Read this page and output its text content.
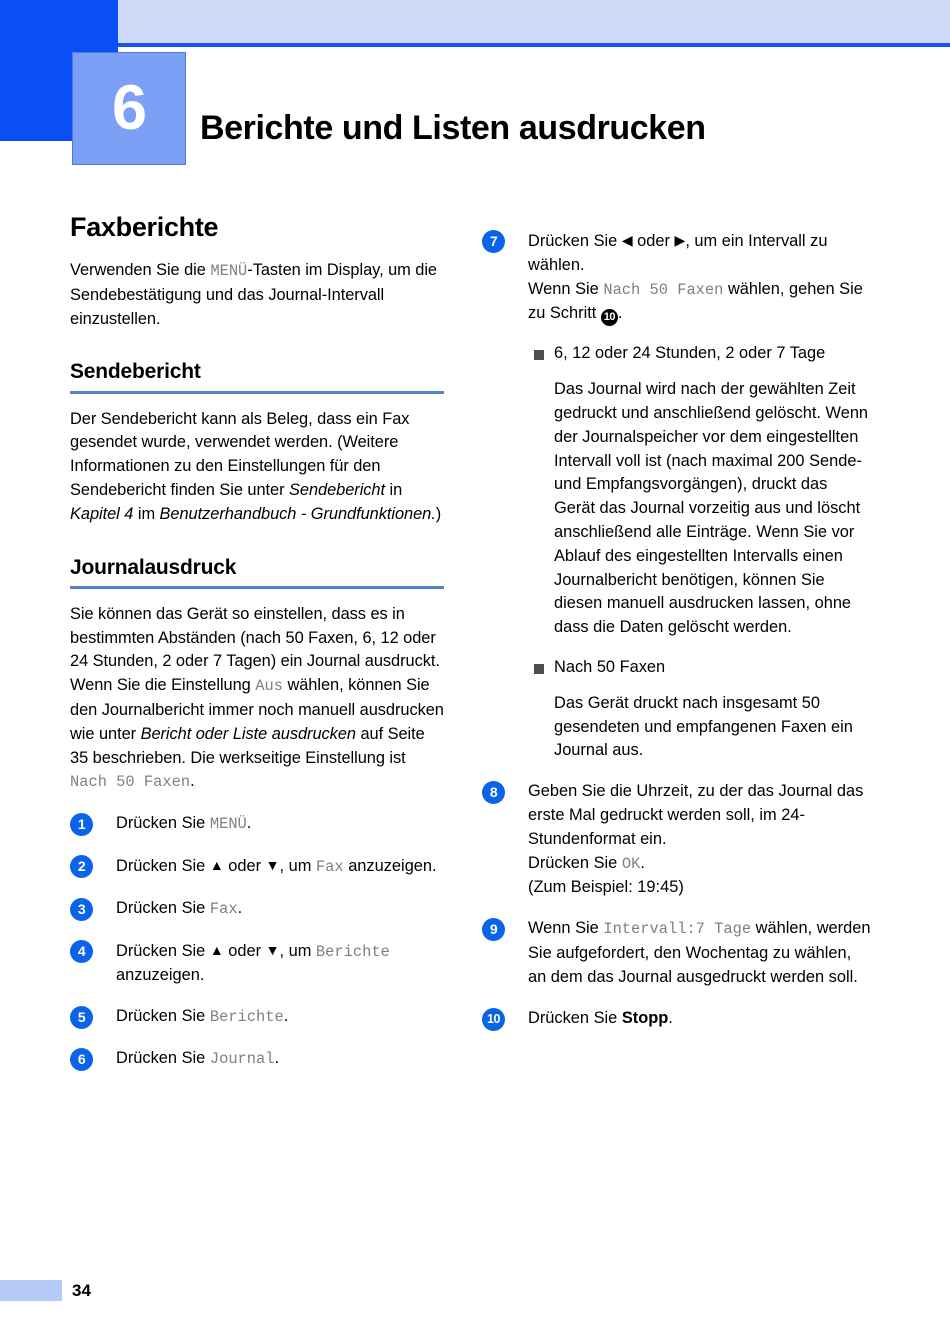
6 Berichte und Listen ausdrucken
Faxberichte

Verwenden Sie die MENÜ-Tasten im Display, um die Sendebestätigung und das Journal-Intervall einzustellen.

Sendebericht

Der Sendebericht kann als Beleg, dass ein Fax gesendet wurde, verwendet werden. (Weitere Informationen zu den Einstellungen für den Sendebericht finden Sie unter Sendebericht in Kapitel 4 im Benutzerhandbuch - Grundfunktionen.)

Journalausdruck

Sie können das Gerät so einstellen, dass es in bestimmten Abständen (nach 50 Faxen, 6, 12 oder 24 Stunden, 2 oder 7 Tagen) ein Journal ausdruckt. Wenn Sie die Einstellung Aus wählen, können Sie den Journalbericht immer noch manuell ausdrucken wie unter Bericht oder Liste ausdrucken auf Seite 35 beschrieben. Die werkseitige Einstellung ist Nach 50 Faxen.

1	Drücken Sie MENÜ.
2	Drücken Sie ▲ oder ▼, um Fax anzuzeigen.
3	Drücken Sie Fax.
4	Drücken Sie ▲ oder ▼, um Berichte anzuzeigen.
5	Drücken Sie Berichte.
6	Drücken Sie Journal.
7	Drücken Sie ◀ oder ▶, um ein Intervall zu wählen.
Wenn Sie Nach 50 Faxen wählen, gehen Sie zu Schritt 10 .
6, 12 oder 24 Stunden, 2 oder 7 Tage
Das Journal wird nach der gewählten Zeit gedruckt und anschließend gelöscht. Wenn der Journalspeicher vor dem eingestellten Intervall voll ist (nach maximal 200 Sende- und Empfangsvorgängen), druckt das Gerät das Journal vorzeitig aus und löscht anschließend alle Einträge. Wenn Sie vor Ablauf des eingestellten Intervalls einen Journalbericht benötigen, können Sie diesen manuell ausdrucken lassen, ohne dass die Daten gelöscht werden.
Nach 50 Faxen
Das Gerät druckt nach insgesamt 50 gesendeten und empfangenen Faxen ein Journal aus.
8	Geben Sie die Uhrzeit, zu der das Journal das erste Mal gedruckt werden soll, im 24-Stundenformat ein.
Drücken Sie OK.
(Zum Beispiel: 19:45)
9	Wenn Sie Intervall:7 Tage wählen, werden Sie aufgefordert, den Wochentag zu wählen, an dem das Journal ausgedruckt werden soll.
10	Drücken Sie Stopp.
34
